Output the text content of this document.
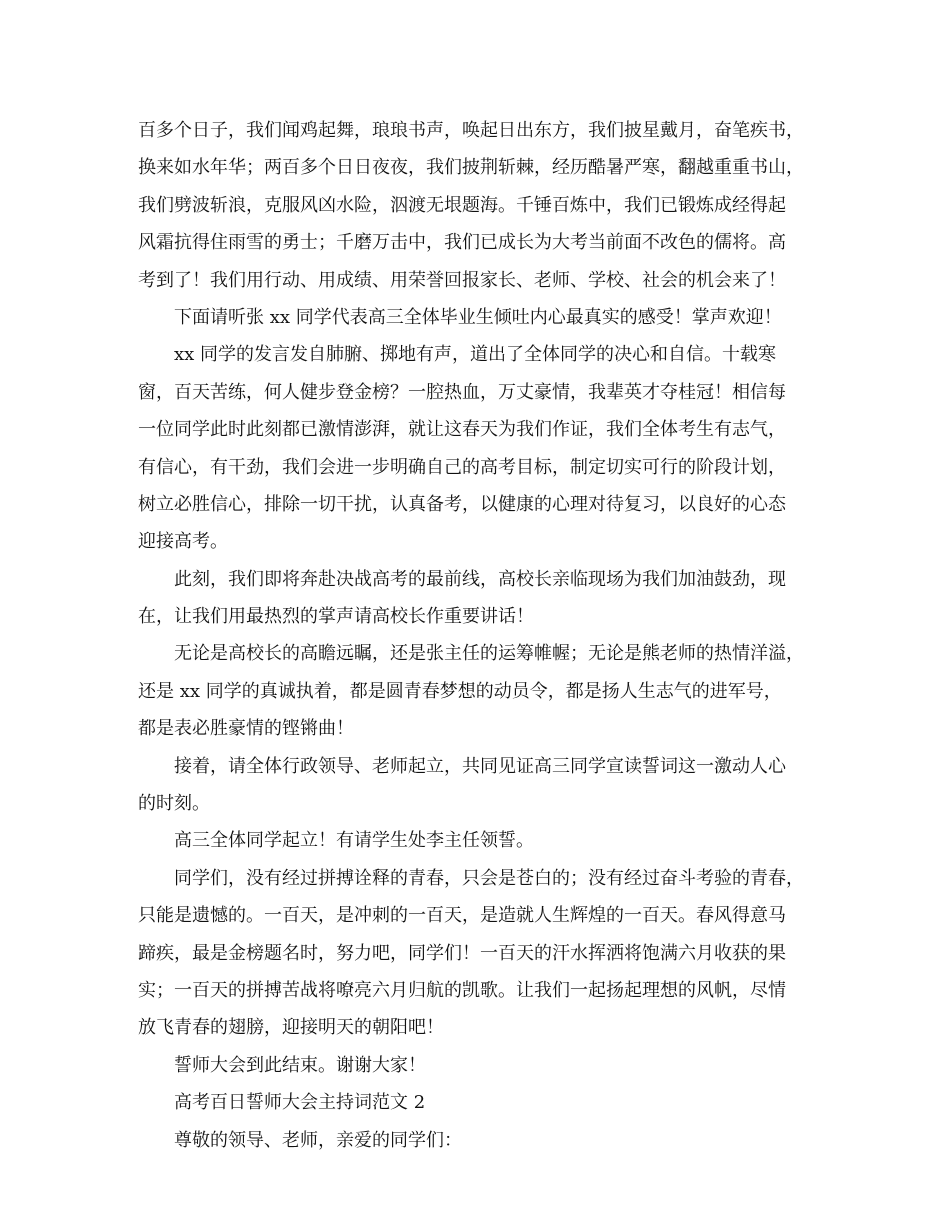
百多个日子，我们闻鸡起舞，琅琅书声，唤起日出东方，我们披星戴月，奋笔疾书，

换来如水年华；两百多个日日夜夜，我们披荆斩棘，经历酷暑严寒，翻越重重书山，

我们劈波斩浪，克服风凶水险，泅渡无垠题海。千锤百炼中，我们已锻炼成经得起

风霜抗得住雨雪的勇士；千磨万击中，我们已成长为大考当前面不改色的儒将。高

考到了！我们用行动、用成绩、用荣誉回报家长、老师、学校、社会的机会来了！

下面请听张 xx 同学代表高三全体毕业生倾吐内心最真实的感受！掌声欢迎！

xx 同学的发言发自肺腑、掷地有声，道出了全体同学的决心和自信。十载寒

窗，百天苦练，何人健步登金榜？一腔热血，万丈豪情，我辈英才夺桂冠！相信每

一位同学此时此刻都已激情澎湃，就让这春天为我们作证，我们全体考生有志气，

有信心，有干劲，我们会进一步明确自己的高考目标，制定切实可行的阶段计划，

树立必胜信心，排除一切干扰，认真备考，以健康的心理对待复习，以良好的心态

迎接高考。

此刻，我们即将奔赴决战高考的最前线，高校长亲临现场为我们加油鼓劲，现

在，让我们用最热烈的掌声请高校长作重要讲话！

无论是高校长的高瞻远瞩，还是张主任的运筹帷幄；无论是熊老师的热情洋溢，

还是 xx 同学的真诚执着，都是圆青春梦想的动员令，都是扬人生志气的进军号，

都是表必胜豪情的铿锵曲！

接着，请全体行政领导、老师起立，共同见证高三同学宣读誓词这一激动人心

的时刻。

高三全体同学起立！有请学生处李主任领誓。

同学们，没有经过拼搏诠释的青春，只会是苍白的；没有经过奋斗考验的青春，

只能是遗憾的。一百天，是冲刺的一百天，是造就人生辉煌的一百天。春风得意马

蹄疾，最是金榜题名时，努力吧，同学们！一百天的汗水挥洒将饱满六月收获的果

实；一百天的拼搏苦战将嘹亮六月归航的凯歌。让我们一起扬起理想的风帆，尽情

放飞青春的翅膀，迎接明天的朝阳吧！

誓师大会到此结束。谢谢大家！

高考百日誓师大会主持词范文 2

尊敬的领导、老师，亲爱的同学们：
